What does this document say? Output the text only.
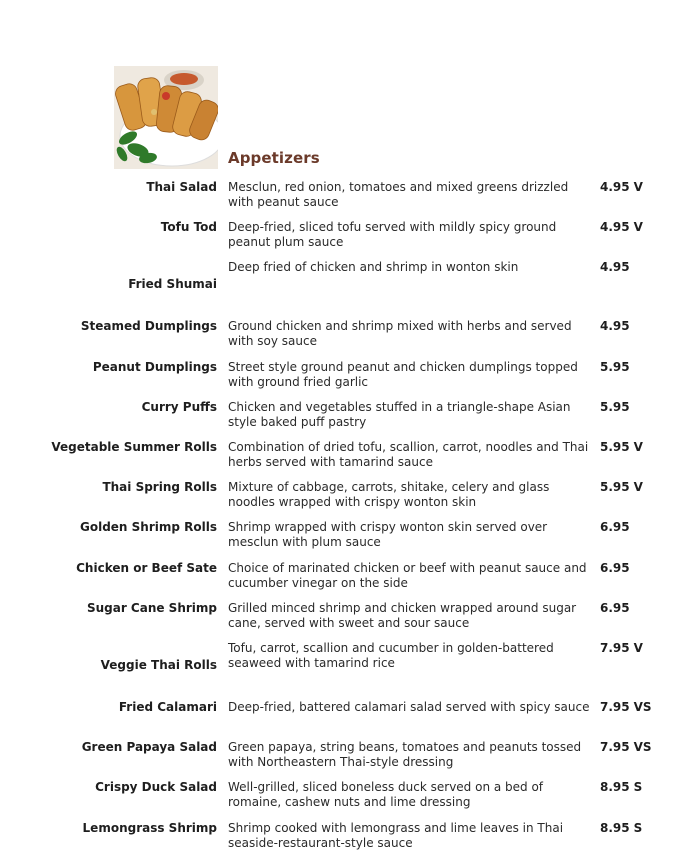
Appetizers
Thai Salad Mesclun, red onion, tomatoes and mixed greens drizzled with peanut sauce
4.95 V
Tofu Tod Deep-fried, sliced tofu served with mildly spicy ground peanut plum sauce
4.95 V
Fried Shumai
Deep fried of chicken and shrimp in wonton skin	4.95
Steamed Dumplings Ground chicken and shrimp mixed with herbs and served with soy sauce
4.95
Peanut Dumplings Street style ground peanut and chicken dumplings topped with ground fried garlic
5.95
Curry Puffs Chicken and vegetables stuffed in a triangle-shape Asian style baked puff pastry
5.95
Vegetable Summer Rolls Combination of dried tofu, scallion, carrot, noodles and Thai herbs served with tamarind sauce
5.95 V
Thai Spring Rolls Mixture of cabbage, carrots, shitake, celery and glass noodles wrapped with crispy wonton skin
5.95 V
Golden Shrimp Rolls Shrimp wrapped with crispy wonton skin served over mesclun with plum sauce
6.95
Chicken or Beef Sate Choice of marinated chicken or beef with peanut sauce and cucumber vinegar on the side
6.95
Sugar Cane Shrimp Grilled minced shrimp and chicken wrapped around sugar cane, served with sweet and sour sauce
6.95
Veggie Thai Rolls
Tofu, carrot, scallion and cucumber in golden-battered seaweed with tamarind rice
7.95 V
Fried Calamari Deep-fried, battered calamari salad served with spicy sauce 7.95 VS
Green Papaya Salad Green papaya, string beans, tomatoes and peanuts tossed with Northeastern Thai-style dressing
7.95 VS
Crispy Duck Salad Well-grilled, sliced boneless duck served on a bed of romaine, cashew nuts and lime dressing
8.95 S
Lemongrass Shrimp Shrimp cooked with lemongrass and lime leaves in Thai seaside-restaurant-style sauce
8.95 S
